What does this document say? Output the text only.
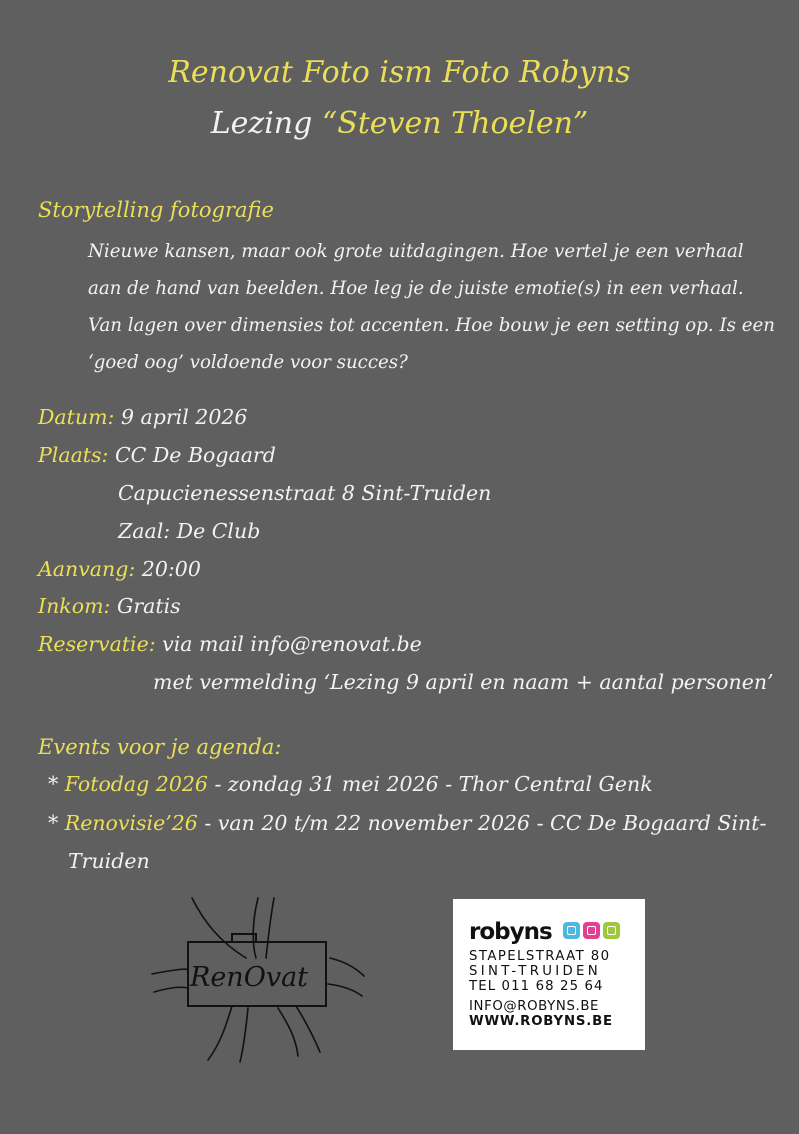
Renovat Foto ism Foto Robyns
Lezing “Steven Thoelen”
Storytelling fotografie
Nieuwe kansen, maar ook grote uitdagingen. Hoe vertel je een verhaal aan de hand van beelden. Hoe leg je de juiste emotie(s) in een verhaal. Van lagen over dimensies tot accenten. Hoe bouw je een setting op. Is een ‘goed oog’ voldoende voor succes?
Datum: 9 april 2026
Plaats: CC De Bogaard
Capucienessenstraat 8 Sint-Truiden
Zaal: De Club
Aanvang: 20:00
Inkom: Gratis
Reservatie: via mail info@renovat.be
met vermelding ‘Lezing 9 april en naam + aantal personen’
Events voor je agenda:
* Fotodag 2026 - zondag 31 mei 2026 - Thor Central Genk
* Renovisie’26 - van 20 t/m 22 november 2026 - CC De Bogaard Sint-
Truiden
RenOvat
robyns
STAPELSTRAAT 80
SINT-TRUIDEN
TEL 011 68 25 64
INFO@ROBYNS.BE
WWW.ROBYNS.BE
